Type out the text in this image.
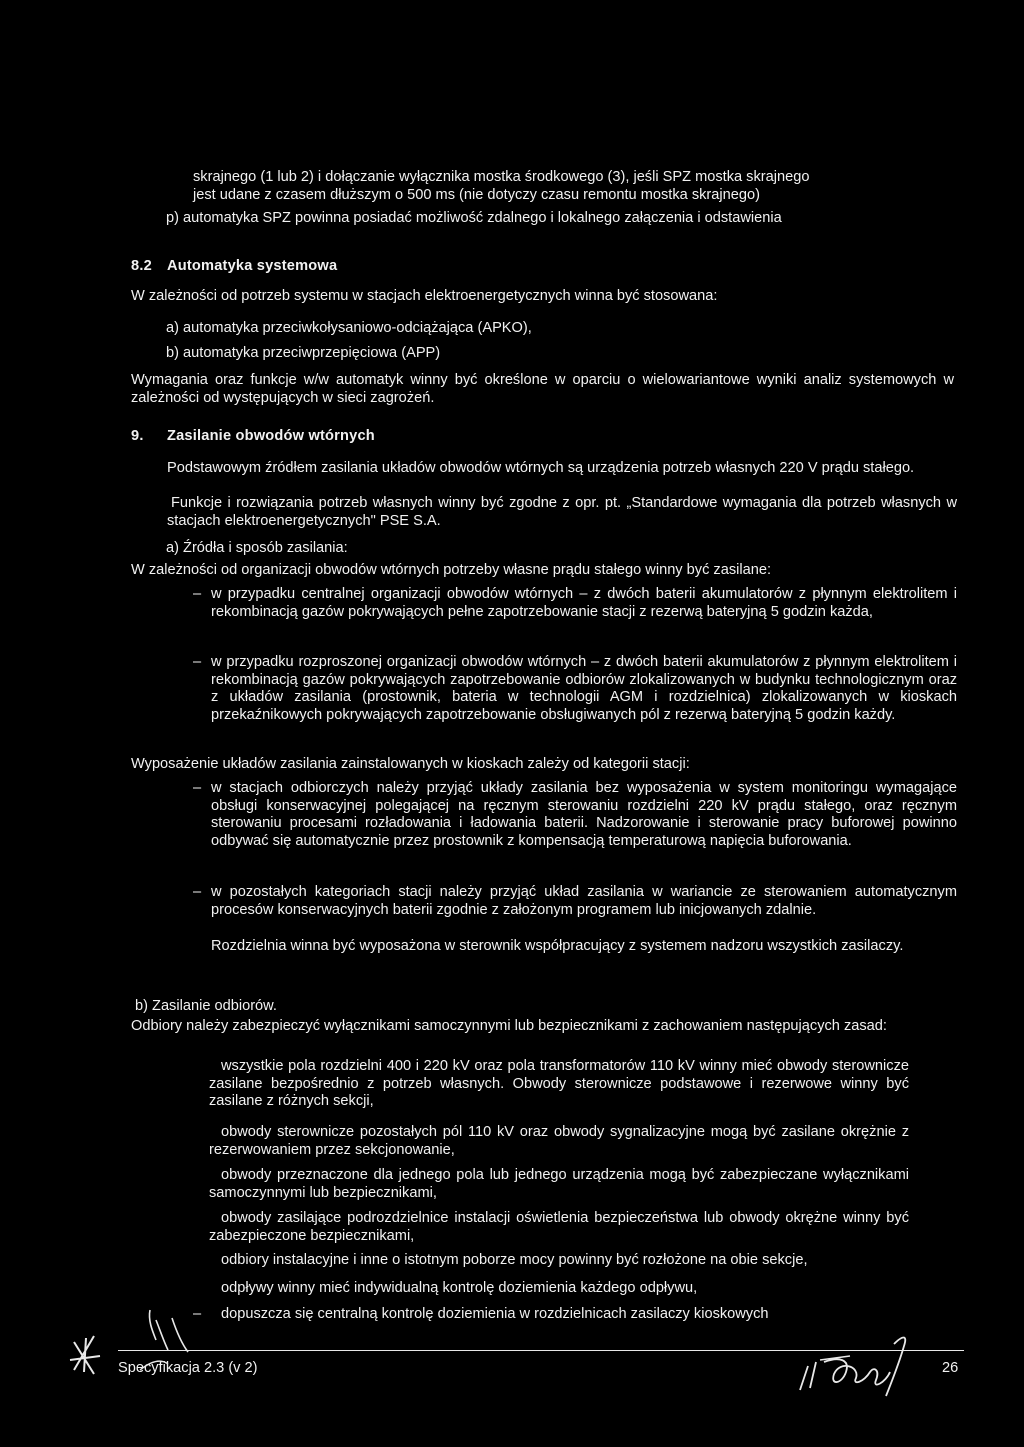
skrajnego (1 lub 2) i dołączanie wyłącznika mostka środkowego (3), jeśli SPZ mostka skrajnego

jest udane z czasem dłuższym o 500 ms (nie dotyczy czasu remontu mostka skrajnego)

p) automatyka SPZ powinna posiadać możliwość zdalnego i lokalnego załączenia i odstawienia

8.2 Automatyka systemowa

W zależności od potrzeb systemu w stacjach elektroenergetycznych winna być stosowana:

a) automatyka przeciwkołysaniowo-odciążająca (APKO),

b) automatyka przeciwprzepięciowa (APP)

Wymagania oraz funkcje w/w automatyk winny być określone w oparciu o wielowariantowe wyniki analiz systemowych w zależności od występujących w sieci zagrożeń.

9. Zasilanie obwodów wtórnych

Podstawowym źródłem zasilania układów obwodów wtórnych są urządzenia potrzeb własnych 220 V prądu stałego.

Funkcje i rozwiązania potrzeb własnych winny być zgodne z opr. pt. „Standardowe wymagania dla potrzeb własnych w stacjach elektroenergetycznych" PSE S.A.

a) Źródła i sposób zasilania:

W zależności od organizacji obwodów wtórnych potrzeby własne prądu stałego winny być zasilane:

– w przypadku centralnej organizacji obwodów wtórnych – z dwóch baterii akumulatorów z płynnym elektrolitem i rekombinacją gazów pokrywających pełne zapotrzebowanie stacji z rezerwą bateryjną 5 godzin każda,

– w przypadku rozproszonej organizacji obwodów wtórnych – z dwóch baterii akumulatorów z płynnym elektrolitem i rekombinacją gazów pokrywających zapotrzebowanie odbiorów zlokalizowanych w budynku technologicznym oraz z układów zasilania (prostownik, bateria w technologii AGM i rozdzielnica) zlokalizowanych w kioskach przekaźnikowych pokrywających zapotrzebowanie obsługiwanych pól z rezerwą bateryjną 5 godzin każdy.

Wyposażenie układów zasilania zainstalowanych w kioskach zależy od kategorii stacji:

– w stacjach odbiorczych należy przyjąć układy zasilania bez wyposażenia w system monitoringu wymagające obsługi konserwacyjnej polegającej na ręcznym sterowaniu rozdzielni 220 kV prądu stałego, oraz ręcznym sterowaniu procesami rozładowania i ładowania baterii. Nadzorowanie i sterowanie pracy buforowej powinno odbywać się automatycznie przez prostownik z kompensacją temperaturową napięcia buforowania.

– w pozostałych kategoriach stacji należy przyjąć układ zasilania w wariancie ze sterowaniem automatycznym procesów konserwacyjnych baterii zgodnie z założonym programem lub inicjowanych zdalnie.

Rozdzielnia winna być wyposażona w sterownik współpracujący z systemem nadzoru wszystkich zasilaczy.

b) Zasilanie odbiorów.

Odbiory należy zabezpieczyć wyłącznikami samoczynnymi lub bezpiecznikami z zachowaniem następujących zasad:

wszystkie pola rozdzielni 400 i 220 kV oraz pola transformatorów 110 kV winny mieć obwody sterownicze zasilane bezpośrednio z potrzeb własnych. Obwody sterownicze podstawowe i rezerwowe winny być zasilane z różnych sekcji,

obwody sterownicze pozostałych pól 110 kV oraz obwody sygnalizacyjne mogą być zasilane okrężnie z rezerwowaniem przez sekcjonowanie,

obwody przeznaczone dla jednego pola lub jednego urządzenia mogą być zabezpieczane wyłącznikami samoczynnymi lub bezpiecznikami,

obwody zasilające podrozdzielnice instalacji oświetlenia bezpieczeństwa lub obwody okrężne winny być zabezpieczone bezpiecznikami,

odbiory instalacyjne i inne o istotnym poborze mocy powinny być rozłożone na obie sekcje,

odpływy winny mieć indywidualną kontrolę doziemienia każdego odpływu,

– dopuszcza się centralną kontrolę doziemienia w rozdzielnicach zasilaczy kioskowych

Specyfikacja 2.3 (v 2)	26
